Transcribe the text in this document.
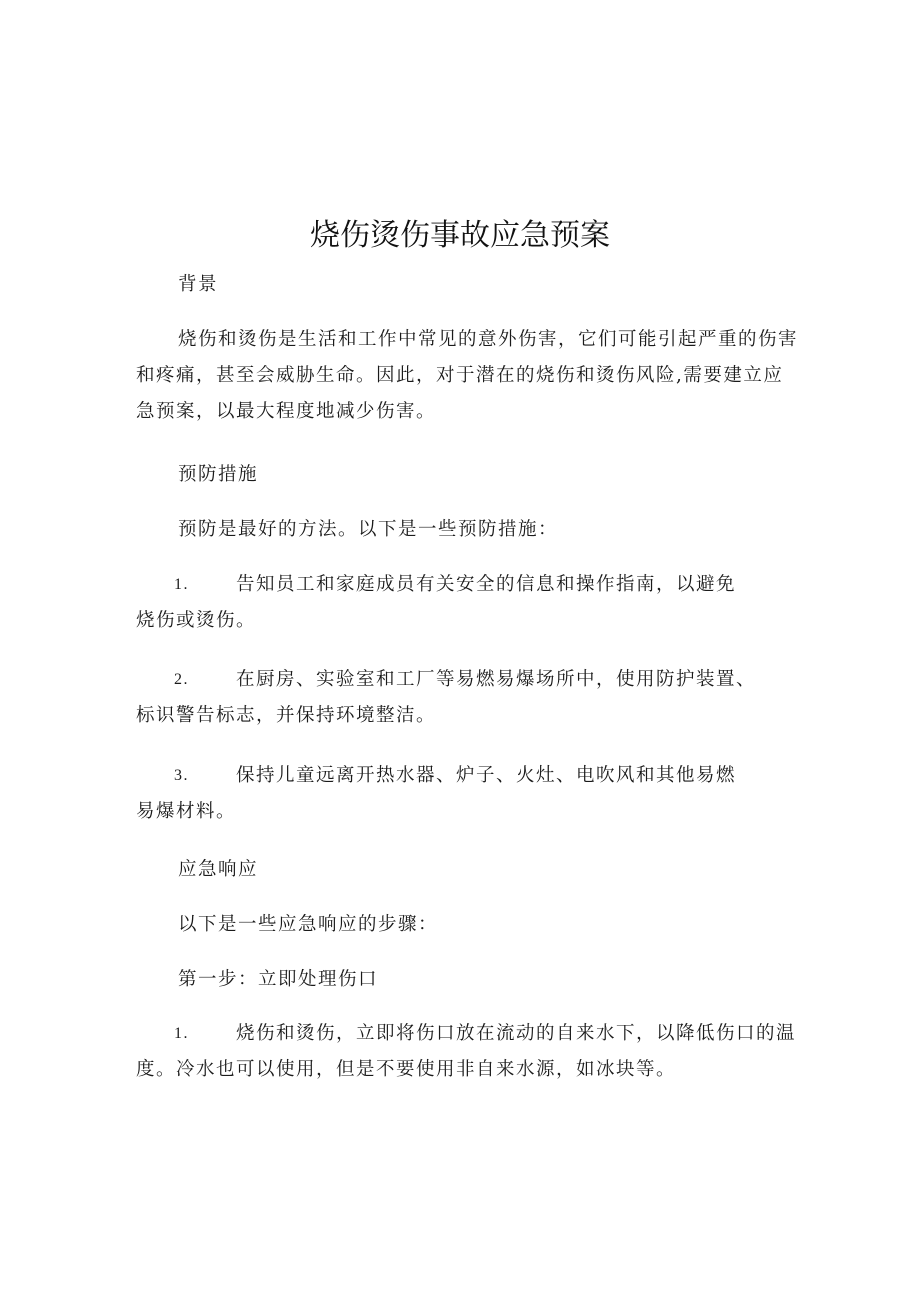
烧伤烫伤事故应急预案
背景
烧伤和烫伤是生活和工作中常见的意外伤害，它们可能引起严重的伤害
和疼痛，甚至会威胁生命。因此，对于潜在的烧伤和烫伤风险,需要建立应
急预案，以最大程度地减少伤害。
预防措施
预防是最好的方法。以下是一些预防措施：
1.	告知员工和家庭成员有关安全的信息和操作指南，以避免
烧伤或烫伤。
2.	在厨房、实验室和工厂等易燃易爆场所中，使用防护装置、
标识警告标志，并保持环境整洁。
3.	保持儿童远离开热水器、炉子、火灶、电吹风和其他易燃
易爆材料。
应急响应
以下是一些应急响应的步骤：
第一步：立即处理伤口
1.	烧伤和烫伤，立即将伤口放在流动的自来水下，以降低伤口的温
度。冷水也可以使用，但是不要使用非自来水源，如冰块等。
